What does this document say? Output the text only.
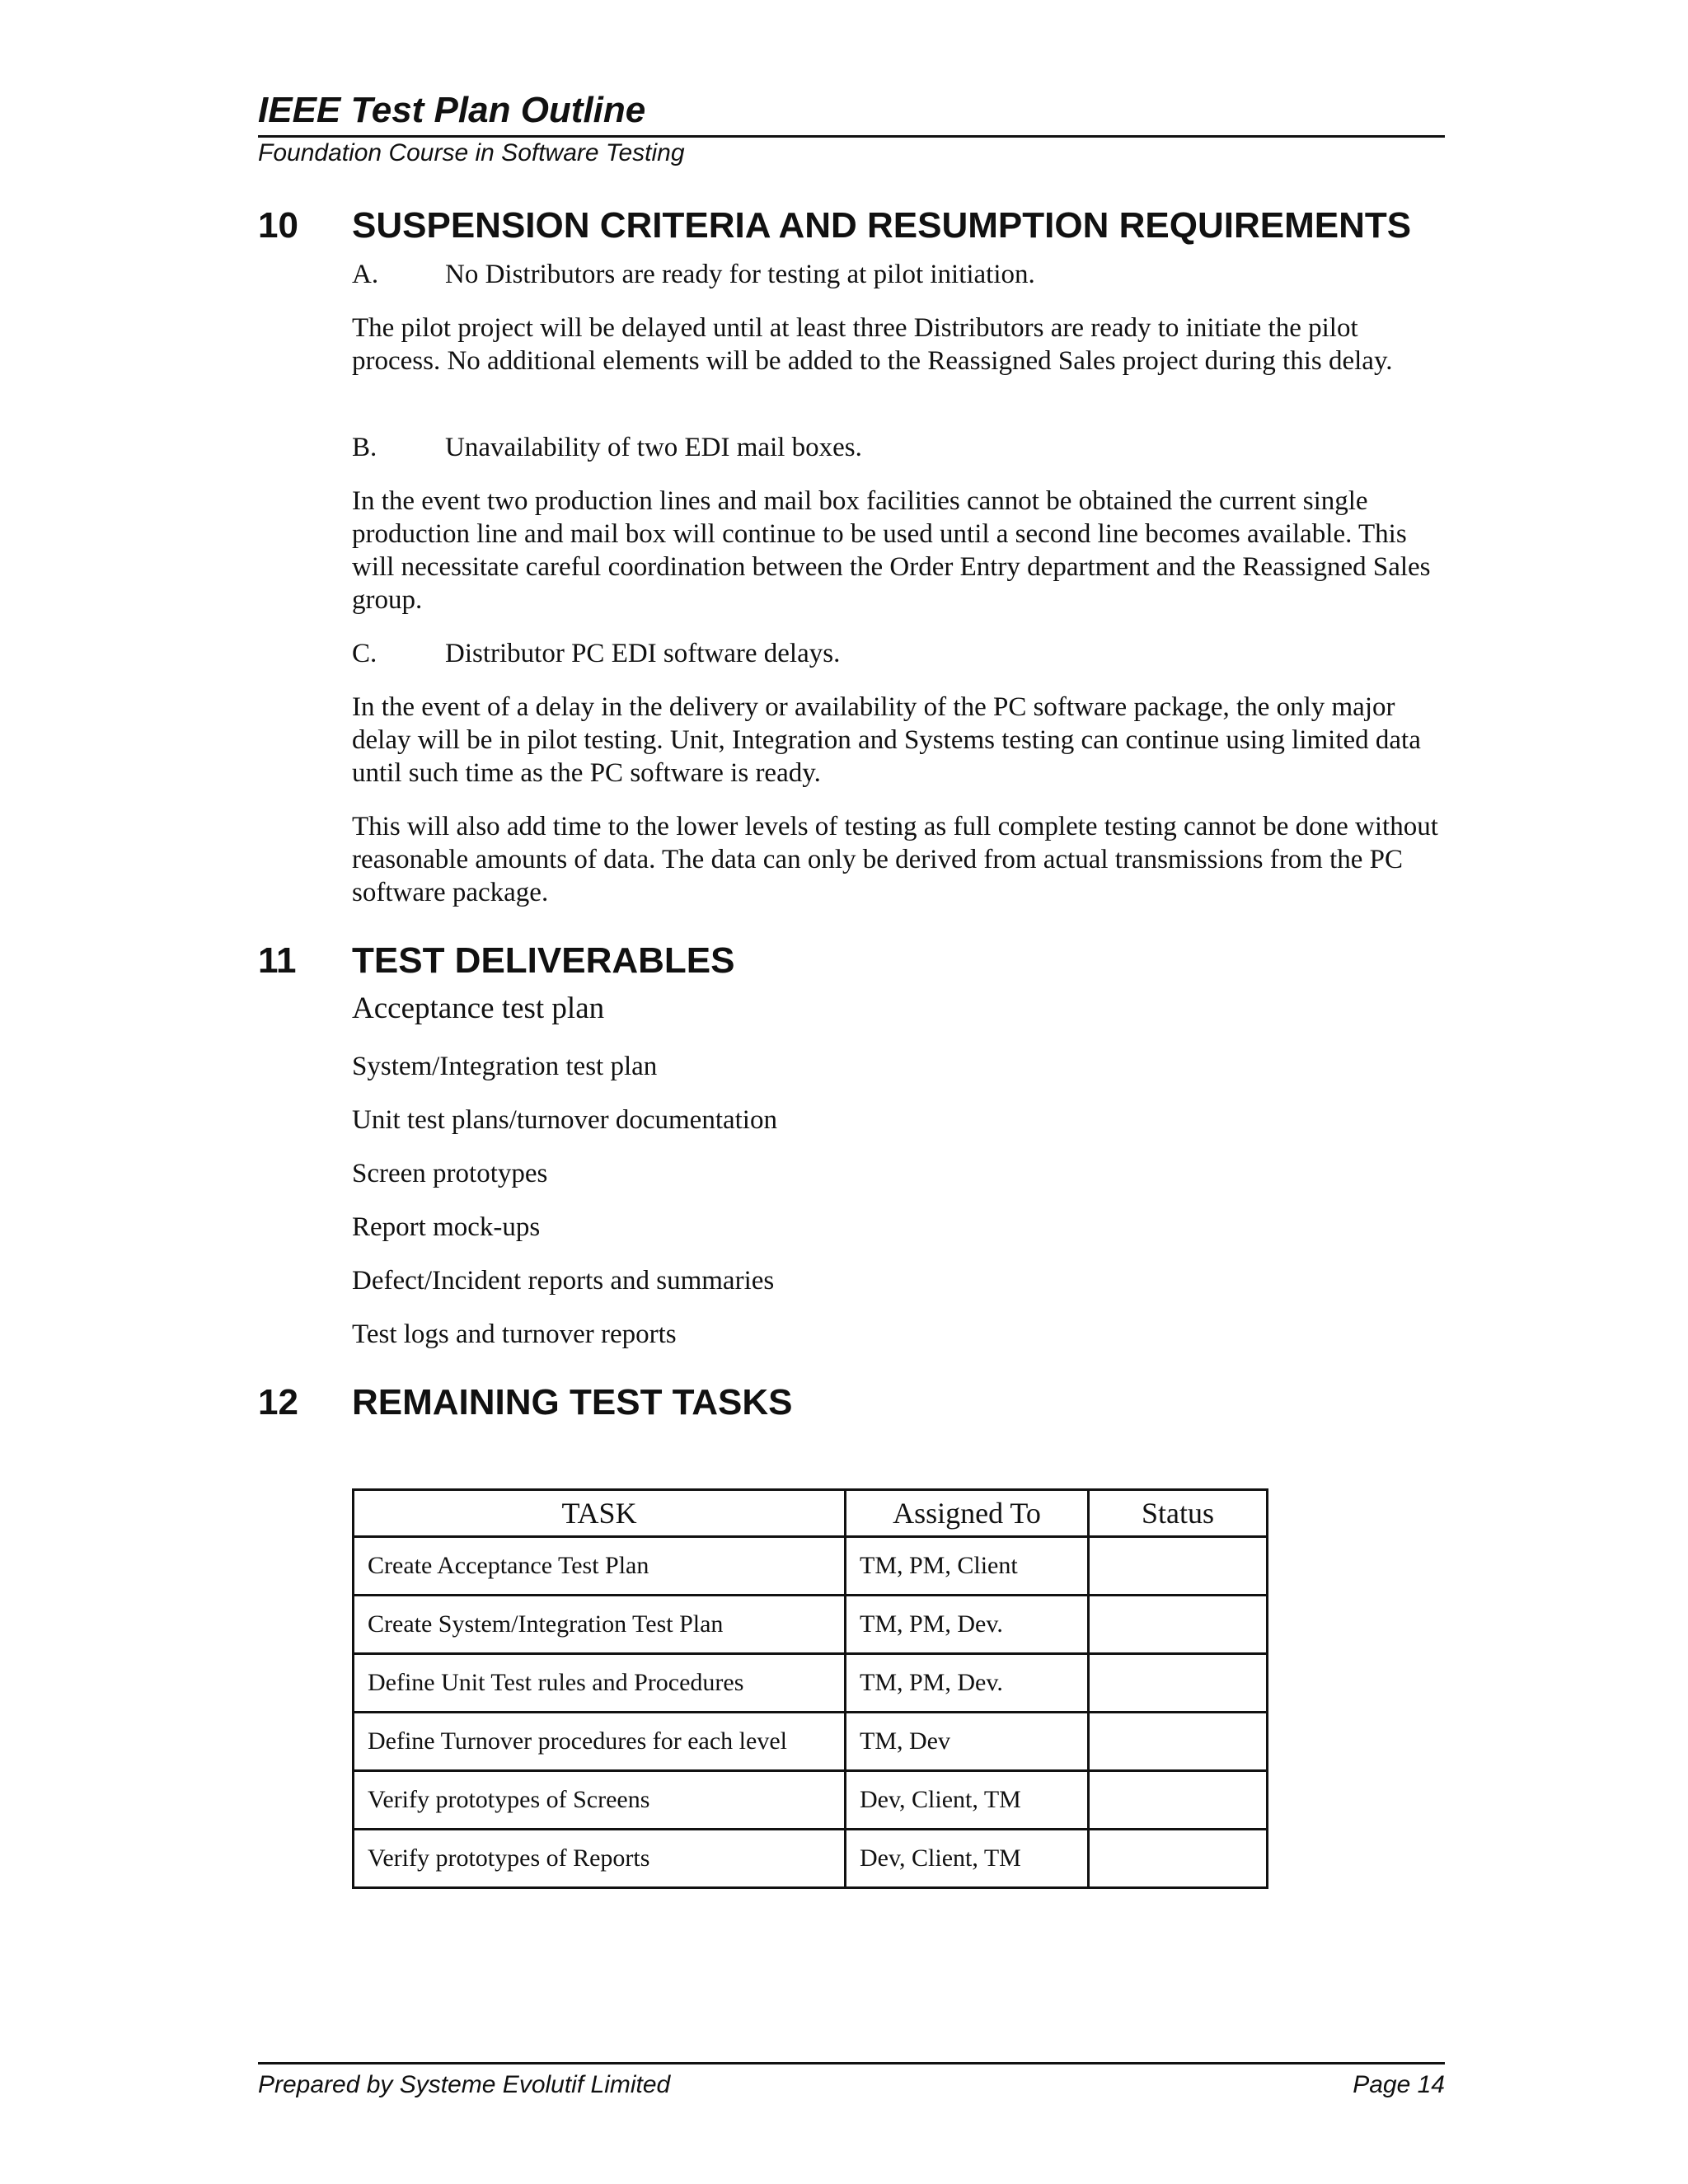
IEEE Test Plan Outline
Foundation Course in Software Testing
10 SUSPENSION CRITERIA AND RESUMPTION REQUIREMENTS
A. No Distributors are ready for testing at pilot initiation.

The pilot project will be delayed until at least three Distributors are ready to initiate the pilot process. No additional elements will be added to the Reassigned Sales project during this delay.

B.	Unavailability of two EDI mail boxes.

In the event two production lines and mail box facilities cannot be obtained the current single production line and mail box will continue to be used until a second line becomes available. This will necessitate careful coordination between the Order Entry department and the Reassigned Sales group.

C.	Distributor PC EDI software delays.

In the event of a delay in the delivery or availability of the PC software package, the only major delay will be in pilot testing. Unit, Integration and Systems testing can continue using limited data until such time as the PC software is ready.

This will also add time to the lower levels of testing as full complete testing cannot be done without reasonable amounts of data. The data can only be derived from actual transmissions from the PC software package.

11 TEST DELIVERABLES
Acceptance test plan
System/Integration test plan
Unit test plans/turnover documentation
Screen prototypes
Report mock-ups
Defect/Incident reports and summaries
Test logs and turnover reports
12 REMAINING TEST TASKS
TASK	Assigned To	Status
Create Acceptance Test Plan	TM, PM, Client	
Create System/Integration Test Plan	TM, PM, Dev.	
Define Unit Test rules and Procedures	TM, PM, Dev.	
Define Turnover procedures for each level	TM, Dev	
Verify prototypes of Screens	Dev, Client, TM	
Verify prototypes of Reports	Dev, Client, TM	
Prepared by Systeme Evolutif Limited	Page 14
